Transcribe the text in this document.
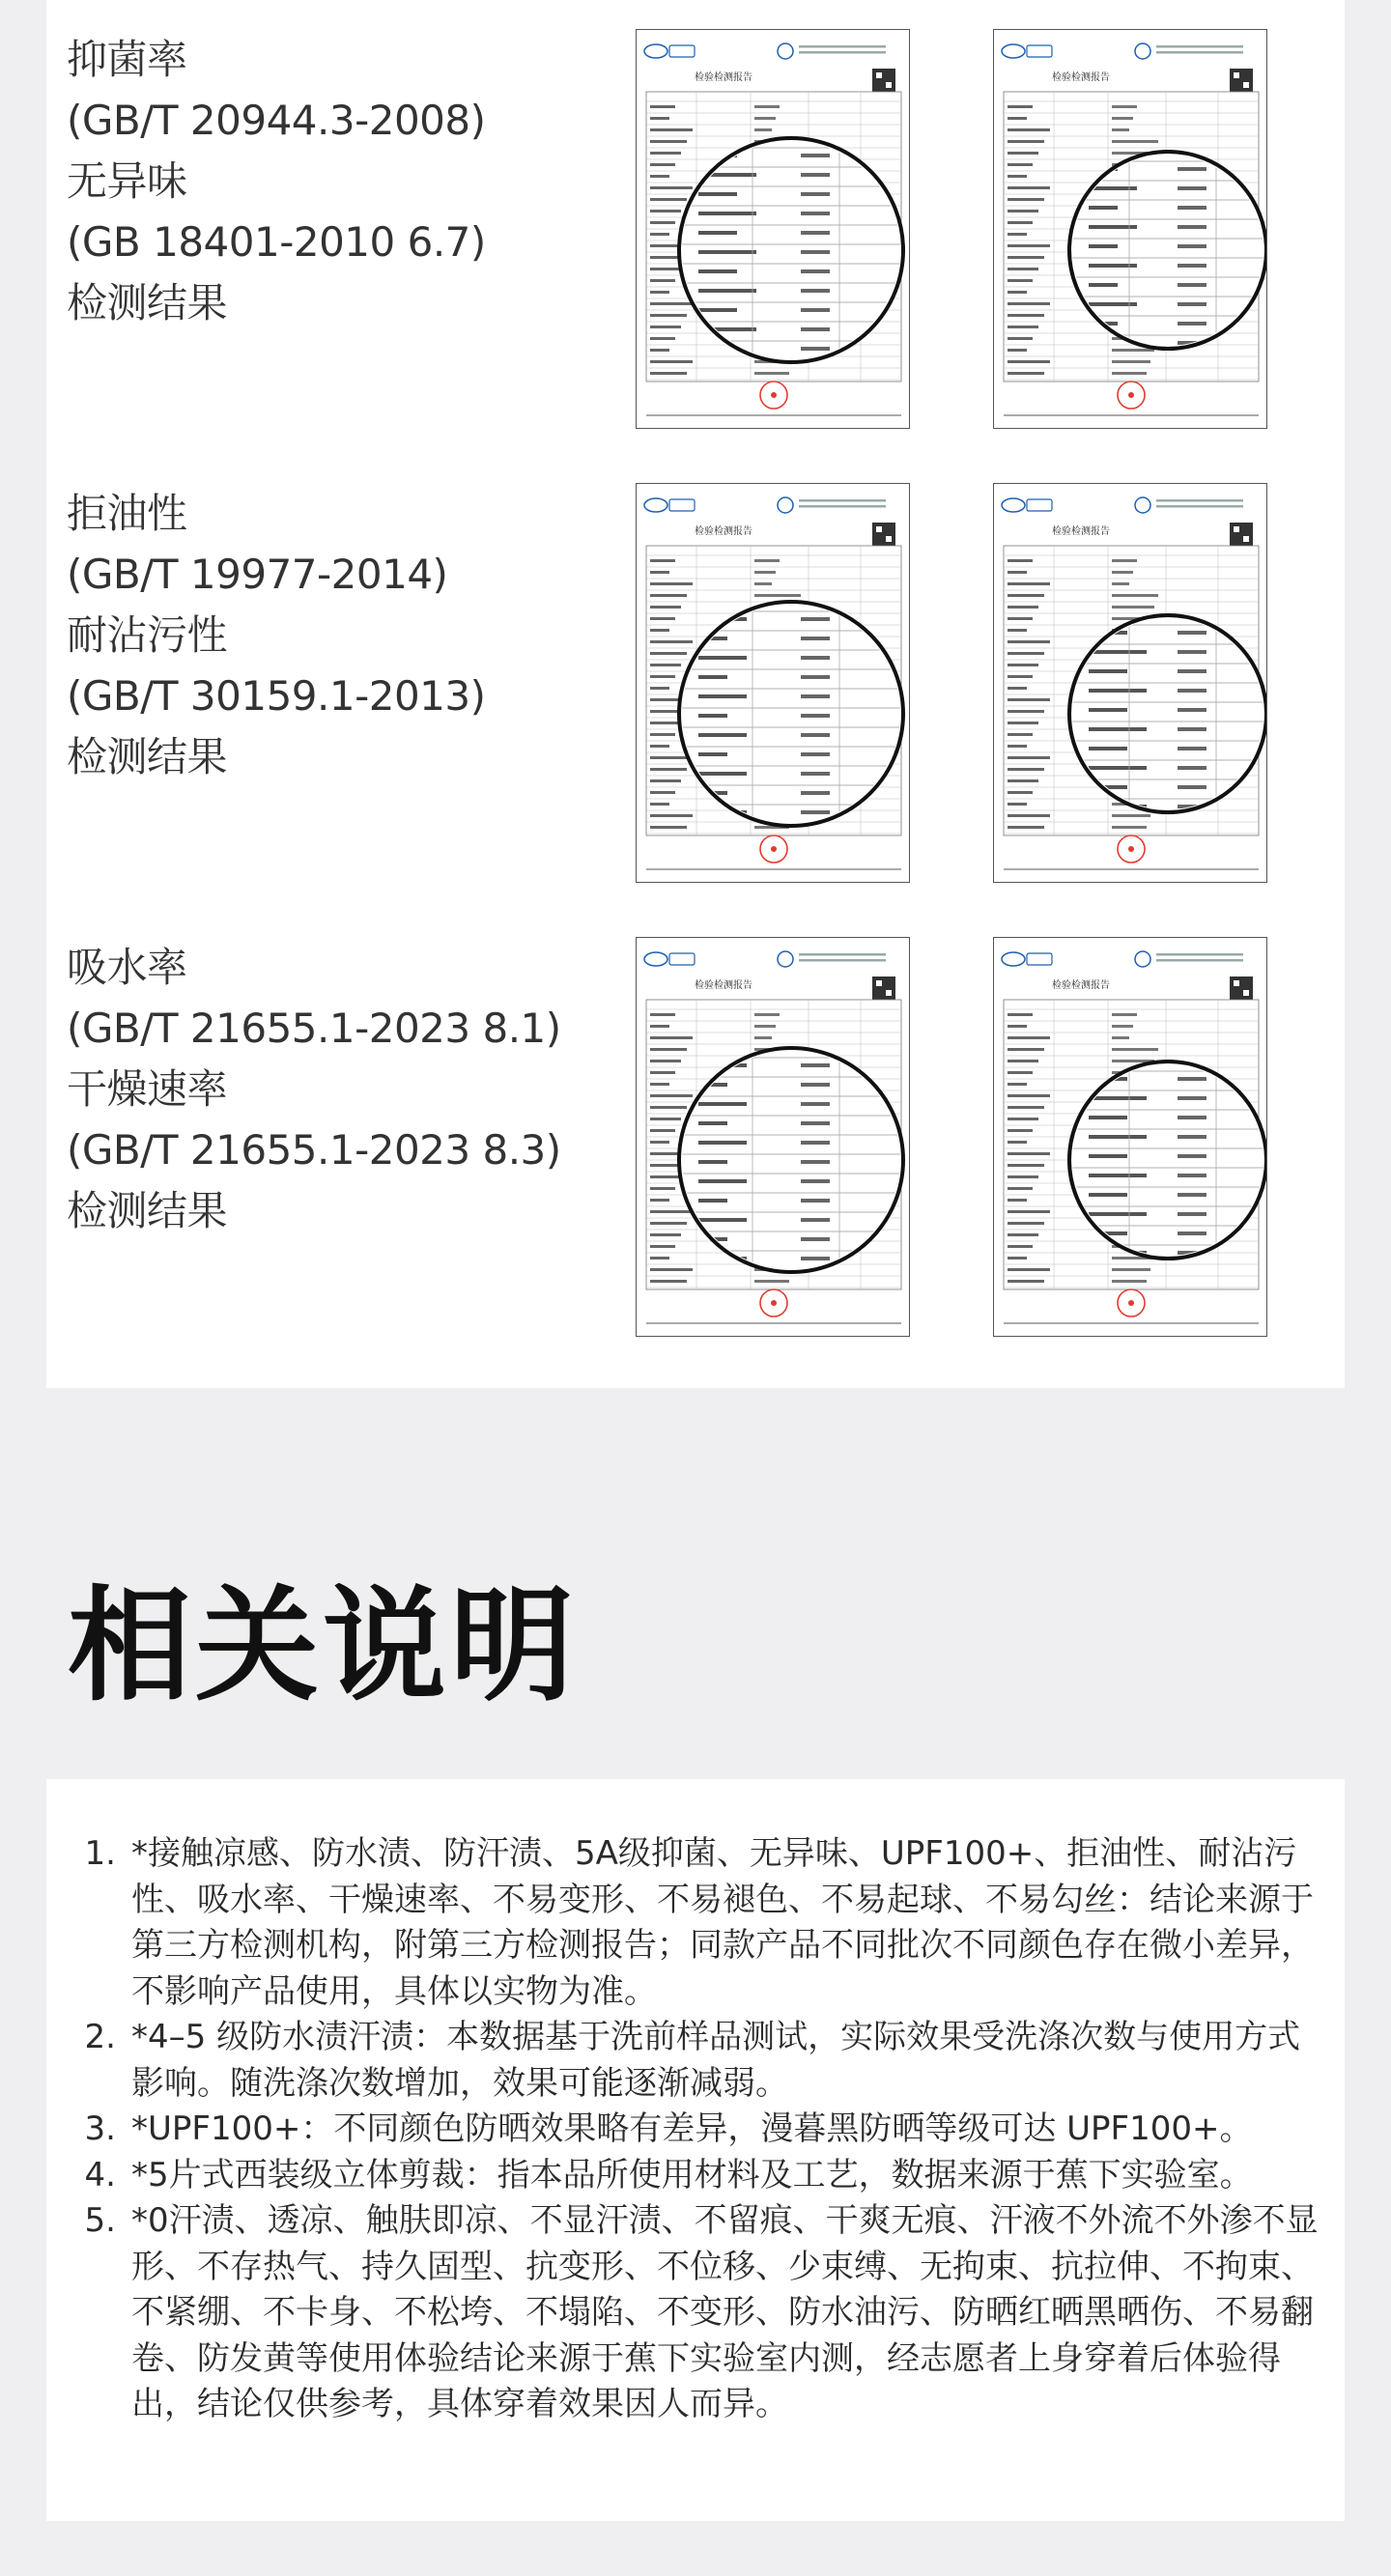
抑菌率
(GB/T 20944.3-2008)
无异味
(GB 18401-2010 6.7)
检测结果
检验检测报告	检验检测报告
拒油性
(GB/T 19977-2014)
耐沾污性
(GB/T 30159.1-2013)
检测结果
检验检测报告	检验检测报告
吸水率
(GB/T 21655.1-2023 8.1)
干燥速率
(GB/T 21655.1-2023 8.3)
检测结果
检验检测报告	检验检测报告
相关说明
1. *接触凉感、防水渍、防汗渍、5A级抑菌、无异味、UPF100+、拒油性、耐沾污性、吸水率、干燥速率、不易变形、不易褪色、不易起球、不易勾丝：结论来源于第三方检测机构，附第三方检测报告；同款产品不同批次不同颜色存在微小差异，不影响产品使用，具体以实物为准。
2. *4–5 级防水渍汗渍：本数据基于洗前样品测试，实际效果受洗涤次数与使用方式影响。随洗涤次数增加，效果可能逐渐减弱。
3. *UPF100+：不同颜色防晒效果略有差异，漫暮黑防晒等级可达 UPF100+。
4. *5片式西装级立体剪裁：指本品所使用材料及工艺，数据来源于蕉下实验室。
5. *0汗渍、透凉、触肤即凉、不显汗渍、不留痕、干爽无痕、汗液不外流不外渗不显形、不存热气、持久固型、抗变形、不位移、少束缚、无拘束、抗拉伸、不拘束、不紧绷、不卡身、不松垮、不塌陷、不变形、防水油污、防晒红晒黑晒伤、不易翻卷、防发黄等使用体验结论来源于蕉下实验室内测，经志愿者上身穿着后体验得出，结论仅供参考，具体穿着效果因人而异。
